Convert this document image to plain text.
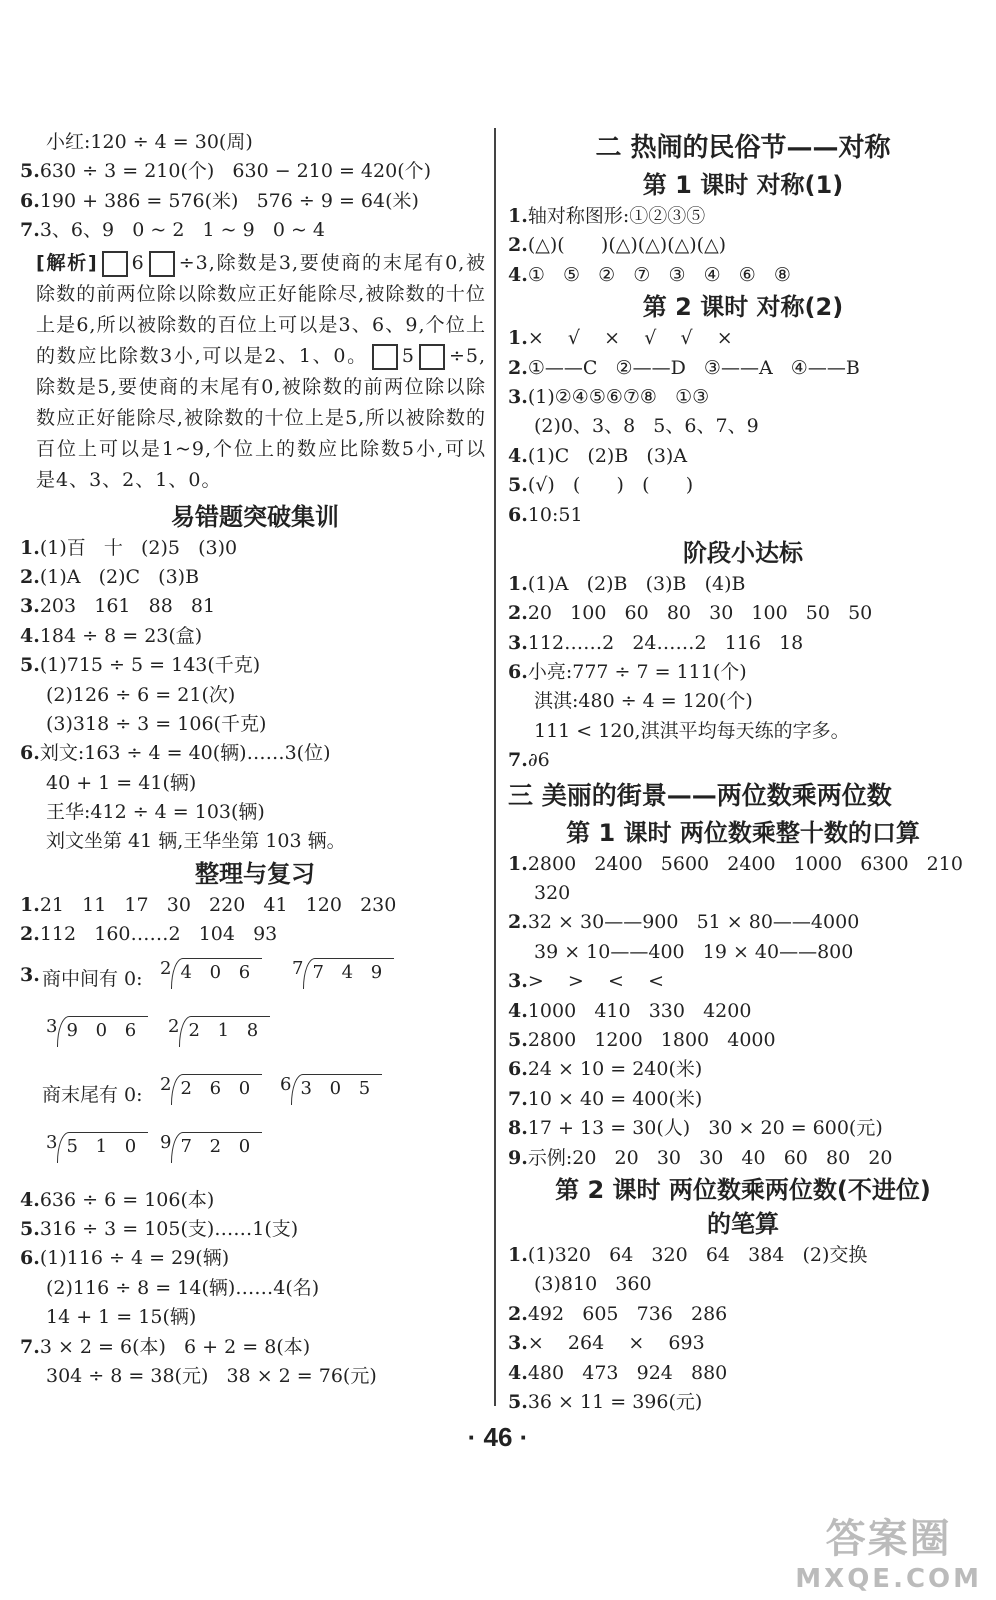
小红:120 ÷ 4 = 30(周)
5.630 ÷ 3 = 210(个)   630 − 210 = 420(个)
6.190 + 386 = 576(米)   576 ÷ 9 = 64(米)
7.3、6、9   0 ~ 2   1 ~ 9   0 ~ 4
[解析] 6 ÷3,除数是3,要使商的末尾有0,被除数的前两位除以除数应正好能除尽,被除数的十位上是6,所以被除数的百位上可以是3、6、9,个位上的数应比除数3小,可以是2、1、0。 5 ÷5,除数是5,要使商的末尾有0,被除数的前两位除以除数应正好能除尽,被除数的十位上是5,所以被除数的百位上可以是1~9,个位上的数应比除数5小,可以是4、3、2、1、0。
易错题突破集训
1.(1)百   十   (2)5   (3)0
2.(1)A   (2)C   (3)B
3.203   161   88   81
4.184 ÷ 8 = 23(盒)
5.(1)715 ÷ 5 = 143(千克)
(2)126 ÷ 6 = 21(次)
(3)318 ÷ 3 = 106(千克)
6.刘文:163 ÷ 4 = 40(辆)……3(位)
40 + 1 = 41(辆)
王华:412 ÷ 4 = 103(辆)
刘文坐第 41 辆,王华坐第 103 辆。
整理与复习
1.21   11   17   30   220   41   120   230
2.112   160……2   104   93
3. 商中间有 0: 2 4 0 6	7 7 4 9
3 9 0 6	2 2 1 8
商末尾有 0: 2 2 6 0	6 3 0 5
3 5 1 0 9 7 2 0
4.636 ÷ 6 = 106(本)
5.316 ÷ 3 = 105(支)……1(支)
6.(1)116 ÷ 4 = 29(辆)
(2)116 ÷ 8 = 14(辆)……4(名)
14 + 1 = 15(辆)
7.3 × 2 = 6(本)   6 + 2 = 8(本)
304 ÷ 8 = 38(元)   38 × 2 = 76(元)
二 热闹的民俗节——对称
第 1 课时 对称(1)
1.轴对称图形:①②③⑤
2.(△)(      )(△)(△)(△)(△)
4.①   ⑤   ②   ⑦   ③   ④   ⑥   ⑧
第 2 课时 对称(2)
1.×    √    ×    √    √    ×
2.①——C   ②——D   ③——A   ④——B
3.(1)②④⑤⑥⑦⑧   ①③
(2)0、3、8   5、6、7、9
4.(1)C   (2)B   (3)A
5.(√)   (      )   (      )
6.10:51
阶段小达标
1.(1)A   (2)B   (3)B   (4)B
2.20   100   60   80   30   100   50   50
3.112……2   24……2   116   18
6.小亮:777 ÷ 7 = 111(个)
淇淇:480 ÷ 4 = 120(个)
111 < 120,淇淇平均每天练的字多。
7.∂6
三 美丽的街景——两位数乘两位数
第 1 课时 两位数乘整十数的口算
1.2800   2400   5600   2400   1000   6300   210
320
2.32 × 30——900   51 × 80——4000
39 × 10——400   19 × 40——800
3.>    >    <    <
4.1000   410   330   4200
5.2800   1200   1800   4000
6.24 × 10 = 240(米)
7.10 × 40 = 400(米)
8.17 + 13 = 30(人)   30 × 20 = 600(元)
9.示例:20   20   30   30   40   60   80   20
第 2 课时 两位数乘两位数(不进位)
的笔算
1.(1)320   64   320   64   384   (2)交换
(3)810   360
2.492   605   736   286
3.×    264    ×    693
4.480   473   924   880
5.36 × 11 = 396(元)
· 46 ·
答案圈
MXQE.COM
